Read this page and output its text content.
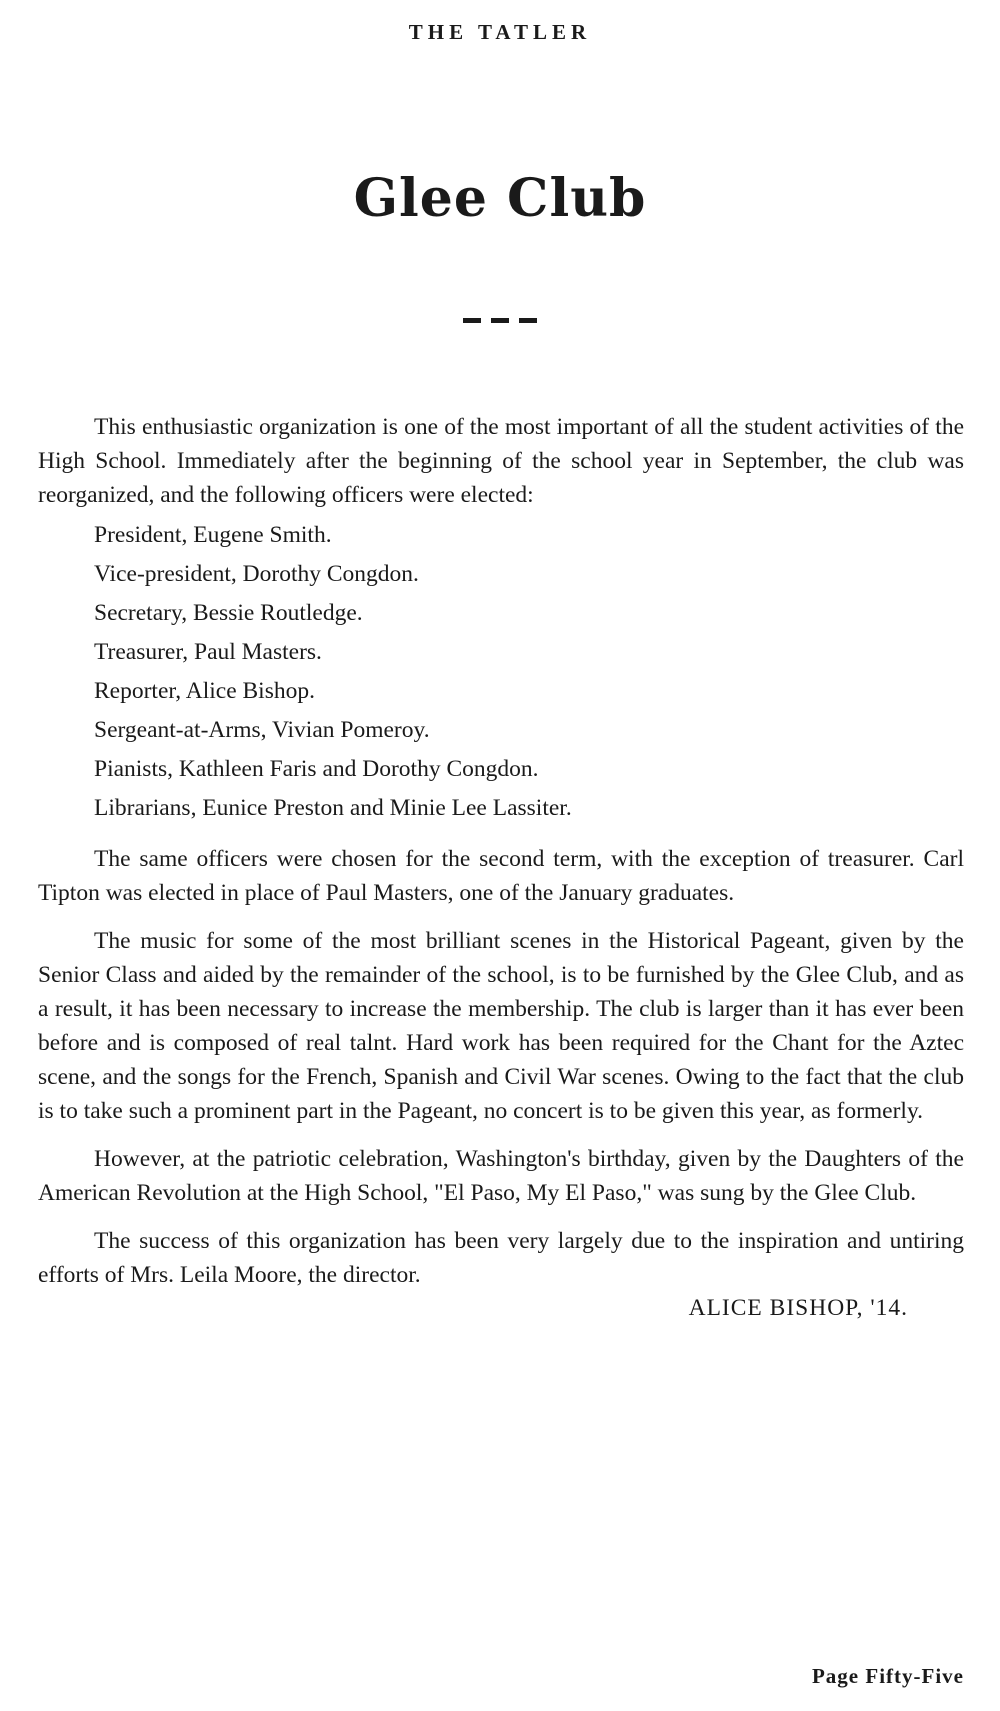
THE TATLER
Glee Club

This enthusiastic organization is one of the most important of all the student activities of the High School. Immediately after the beginning of the school year in September, the club was reorganized, and the following officers were elected:

President, Eugene Smith.
Vice-president, Dorothy Congdon.
Secretary, Bessie Routledge.
Treasurer, Paul Masters.
Reporter, Alice Bishop.
Sergeant-at-Arms, Vivian Pomeroy.
Pianists, Kathleen Faris and Dorothy Congdon.
Librarians, Eunice Preston and Minie Lee Lassiter.

The same officers were chosen for the second term, with the exception of treasurer. Carl Tipton was elected in place of Paul Masters, one of the January graduates.

The music for some of the most brilliant scenes in the Historical Pageant, given by the Senior Class and aided by the remainder of the school, is to be furnished by the Glee Club, and as a result, it has been necessary to increase the membership. The club is larger than it has ever been before and is composed of real talnt. Hard work has been required for the Chant for the Aztec scene, and the songs for the French, Spanish and Civil War scenes. Owing to the fact that the club is to take such a prominent part in the Pageant, no concert is to be given this year, as formerly.

However, at the patriotic celebration, Washington's birthday, given by the Daughters of the American Revolution at the High School, "El Paso, My El Paso," was sung by the Glee Club.

The success of this organization has been very largely due to the inspiration and untiring efforts of Mrs. Leila Moore, the director.

ALICE BISHOP, '14.
Page Fifty-Five
